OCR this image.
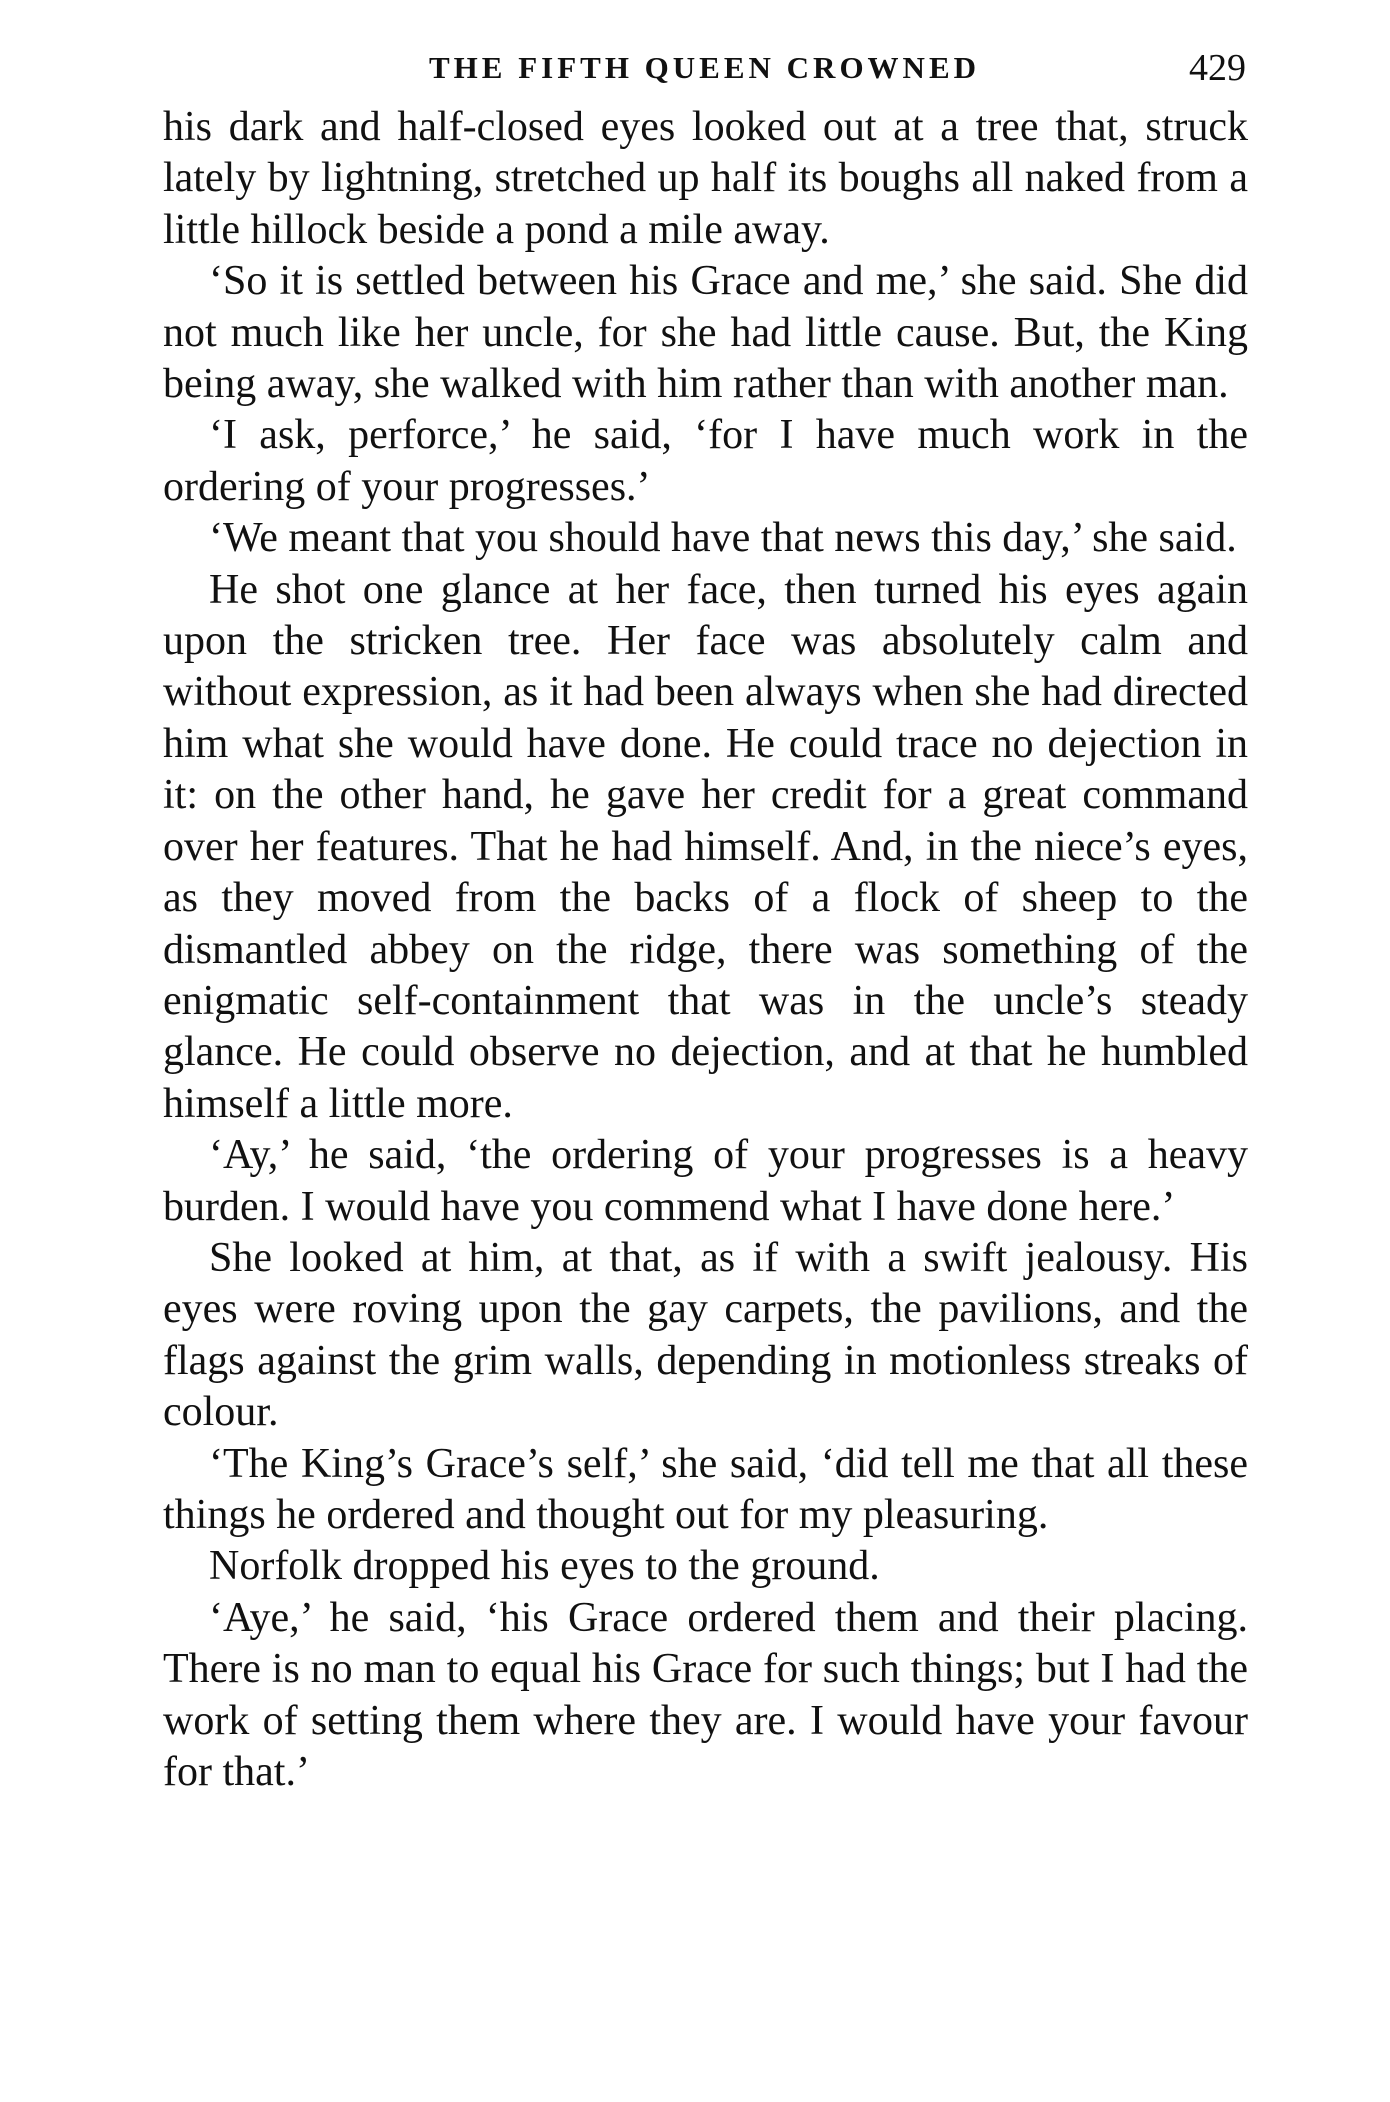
THE FIFTH QUEEN CROWNED	429

his dark and half-closed eyes looked out at a tree that, struck lately by lightning, stretched up half its boughs all naked from a little hillock beside a pond a mile away.

‘So it is settled between his Grace and me,’ she said. She did not much like her uncle, for she had little cause. But, the King being away, she walked with him rather than with another man.

‘I ask, perforce,’ he said, ‘for I have much work in the ordering of your progresses.’

‘We meant that you should have that news this day,’ she said.

He shot one glance at her face, then turned his eyes again upon the stricken tree. Her face was absolutely calm and without expression, as it had been always when she had directed him what she would have done. He could trace no dejection in it: on the other hand, he gave her credit for a great command over her features. That he had himself. And, in the niece’s eyes, as they moved from the backs of a flock of sheep to the dismantled abbey on the ridge, there was something of the enigmatic self-containment that was in the uncle’s steady glance. He could observe no dejection, and at that he humbled himself a little more.

‘Ay,’ he said, ‘the ordering of your progresses is a heavy burden. I would have you commend what I have done here.’

She looked at him, at that, as if with a swift jealousy. His eyes were roving upon the gay carpets, the pavilions, and the flags against the grim walls, depending in motionless streaks of colour.

‘The King’s Grace’s self,’ she said, ‘did tell me that all these things he ordered and thought out for my pleasuring.

Norfolk dropped his eyes to the ground.

‘Aye,’ he said, ‘his Grace ordered them and their placing. There is no man to equal his Grace for such things; but I had the work of setting them where they are. I would have your favour for that.’
